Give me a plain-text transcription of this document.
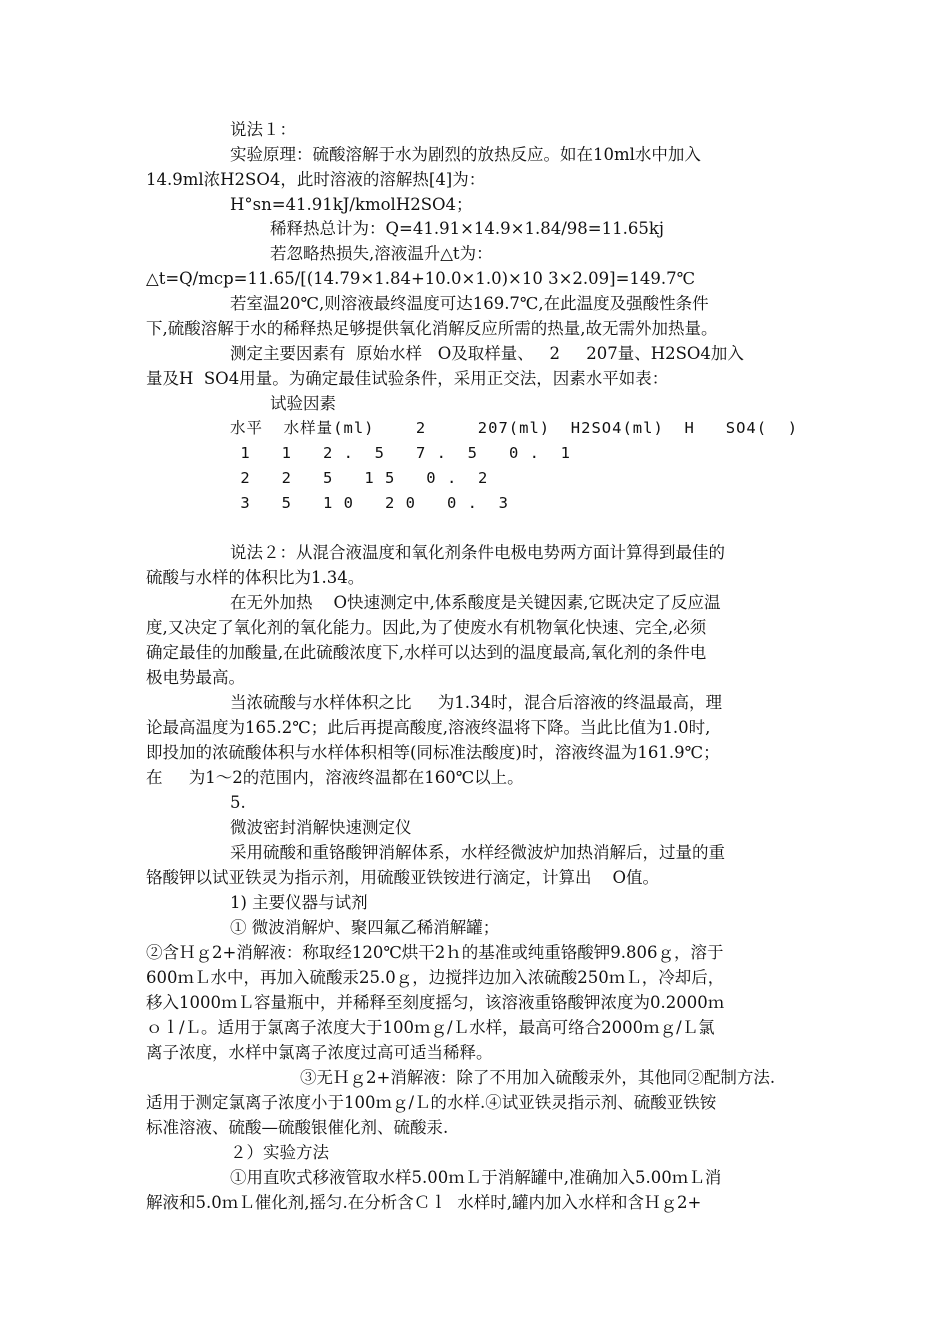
说法１：
实验原理：硫酸溶解于水为剧烈的放热反应。如在10ml水中加入
14.9ml浓H2SO4，此时溶液的溶解热[4]为：
H°sn=41.91kJ/kmolH2SO4；
稀释热总计为：Q=41.91×14.9×1.84/98=11.65kj
若忽略热损失,溶液温升△t为：
△t=Q/mcp=11.65/[(14.79×1.84+10.0×1.0)×10 3×2.09]=149.7℃
若室温20℃,则溶液最终温度可达169.7℃,在此温度及强酸性条件
下,硫酸溶解于水的稀释热足够提供氧化消解反应所需的热量,故无需外加热量。
测定主要因素有  原始水样   O及取样量、   2     207量、H2SO4加入
量及H  SO4用量。为确定最佳试验条件，采用正交法，因素水平如表：
试验因素
水平  水样量(ml)    2     207(ml)  H2SO4(ml)  H   SO4(  )
1   1   2 .  5   7 .  5   0 .  1
2   2   5   1 5   0 .  2
3   5   1 0   2 0   0 .  3
说法２：从混合液温度和氧化剂条件电极电势两方面计算得到最佳的
硫酸与水样的体积比为1.34。
在无外加热    O快速测定中,体系酸度是关键因素,它既决定了反应温
度,又决定了氧化剂的氧化能力。因此,为了使废水有机物氧化快速、完全,必须
确定最佳的加酸量,在此硫酸浓度下,水样可以达到的温度最高,氧化剂的条件电
极电势最高。
当浓硫酸与水样体积之比     为1.34时，混合后溶液的终温最高，理
论最高温度为165.2℃；此后再提高酸度,溶液终温将下降。当此比值为1.0时,
即投加的浓硫酸体积与水样体积相等(同标准法酸度)时，溶液终温为161.9℃；
在     为1～2的范围内，溶液终温都在160℃以上。
5.
微波密封消解快速测定仪
采用硫酸和重铬酸钾消解体系，水样经微波炉加热消解后，过量的重
铬酸钾以试亚铁灵为指示剂，用硫酸亚铁铵进行滴定，计算出    O值。
1) 主要仪器与试剂
① 微波消解炉、聚四氟乙稀消解罐；
②含Ｈｇ2+消解液：称取经120℃烘干2ｈ的基准或纯重铬酸钾9.806ｇ，溶于
600ｍＬ水中，再加入硫酸汞25.0ｇ，边搅拌边加入浓硫酸250ｍＬ，冷却后，
移入1000ｍＬ容量瓶中，并稀释至刻度摇匀，该溶液重铬酸钾浓度为0.2000ｍ
ｏｌ/Ｌ。适用于氯离子浓度大于100ｍｇ/Ｌ水样，最高可络合2000ｍｇ/Ｌ氯
离子浓度，水样中氯离子浓度过高可适当稀释。
③无Ｈｇ2+消解液：除了不用加入硫酸汞外，其他同②配制方法.
适用于测定氯离子浓度小于100ｍｇ/Ｌ的水样.④试亚铁灵指示剂、硫酸亚铁铵
标准溶液、硫酸—硫酸银催化剂、硫酸汞.
２）实验方法
①用直吹式移液管取水样5.00ｍＬ于消解罐中,准确加入5.00ｍＬ消
解液和5.0ｍＬ催化剂,摇匀.在分析含Ｃｌ  水样时,罐内加入水样和含Ｈｇ2+
